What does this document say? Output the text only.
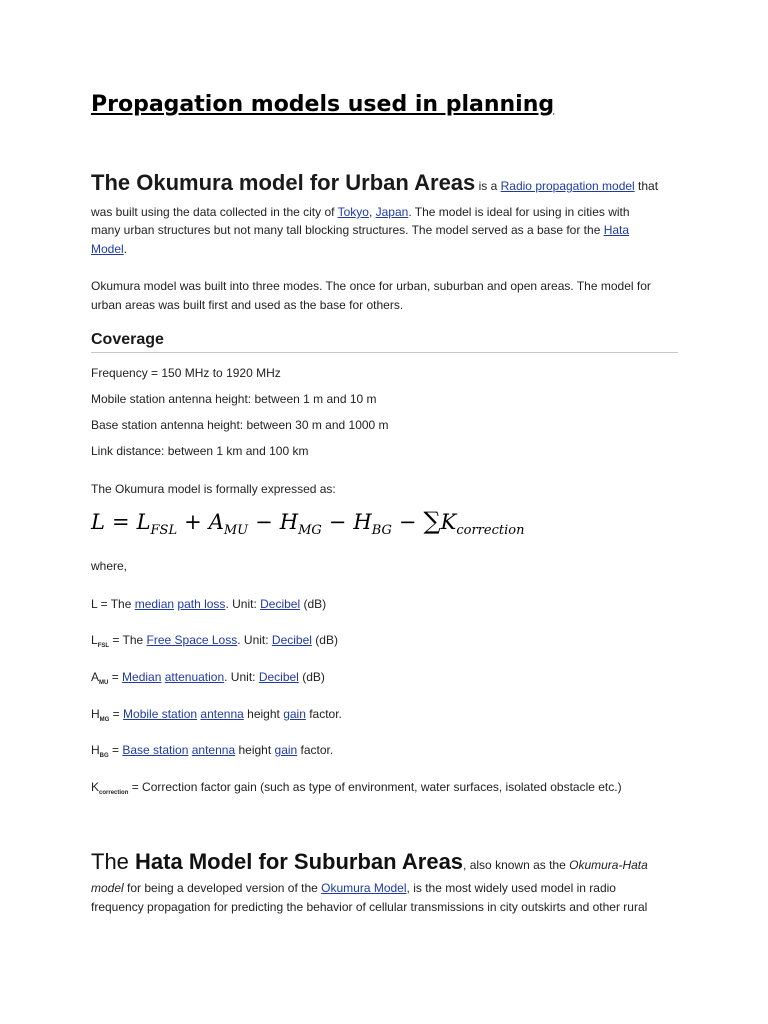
Propagation models used in planning
The Okumura model for Urban Areas is a Radio propagation model that
was built using the data collected in the city of Tokyo, Japan. The model is ideal for using in cities with
many urban structures but not many tall blocking structures. The model served as a base for the Hata
Model.
Okumura model was built into three modes. The once for urban, suburban and open areas. The model for
urban areas was built first and used as the base for others.
Coverage
Frequency = 150 MHz to 1920 MHz
Mobile station antenna height: between 1 m and 10 m
Base station antenna height: between 30 m and 1000 m
Link distance: between 1 km and 100 km
The Okumura model is formally expressed as:
$L = L_{FSL} + A_{MU} - H_{MG} - H_{BG} - \sum K_{correction}$
where,
L = The median path loss. Unit: Decibel (dB)
$L_{FSL}$ = The Free Space Loss. Unit: Decibel (dB)
$A_{MU}$ = Median attenuation. Unit: Decibel (dB)
$H_{MG}$ = Mobile station antenna height gain factor.
$H_{BG}$ = Base station antenna height gain factor.
$K_{correction}$ = Correction factor gain (such as type of environment, water surfaces, isolated obstacle etc.)
The Hata Model for Suburban Areas, also known as the Okumura-Hata
model for being a developed version of the Okumura Model, is the most widely used model in radio
frequency propagation for predicting the behavior of cellular transmissions in city outskirts and other rural
